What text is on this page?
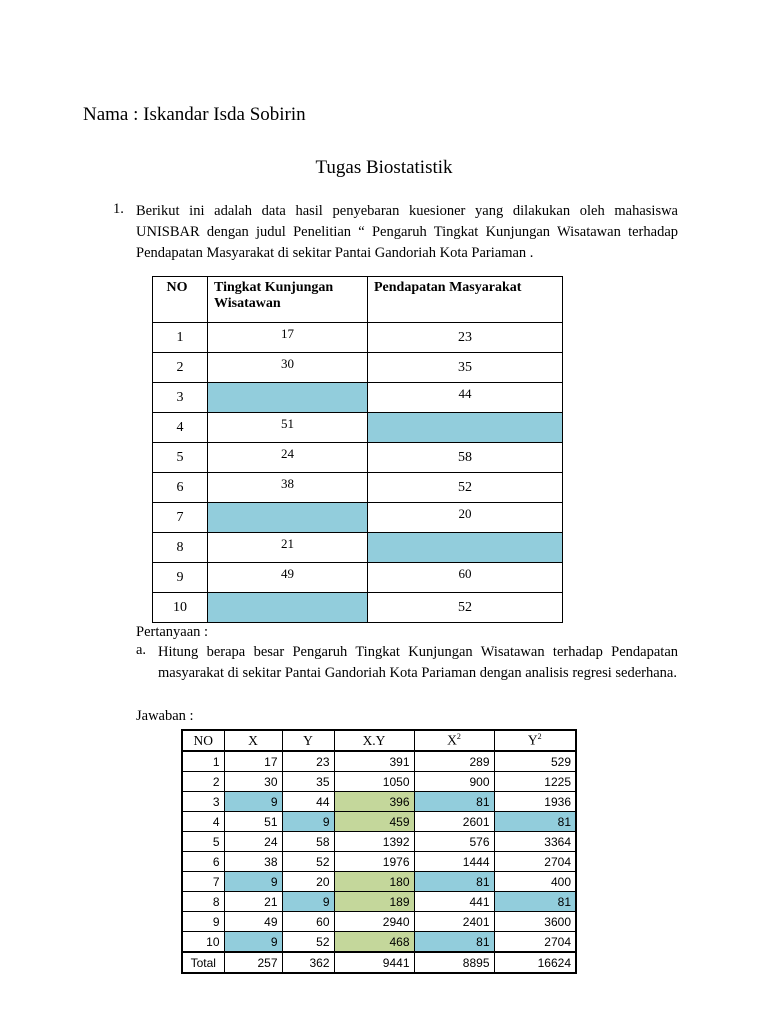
Nama : Iskandar Isda Sobirin
Tugas Biostatistik
1. Berikut ini adalah data hasil penyebaran kuesioner yang dilakukan oleh mahasiswa UNISBAR dengan judul Penelitian “ Pengaruh Tingkat Kunjungan Wisatawan terhadap Pendapatan Masyarakat di sekitar Pantai Gandoriah Kota Pariaman .
NO	Tingkat Kunjungan Wisatawan	Pendapatan Masyarakat
1	17	23
2	30	35
3		44
4	51	
5	24	58
6	38	52
7		20
8	21	
9	49	60
10		52
Pertanyaan :
a. Hitung berapa besar Pengaruh Tingkat Kunjungan Wisatawan terhadap Pendapatan masyarakat di sekitar Pantai Gandoriah Kota Pariaman dengan analisis regresi sederhana.
Jawaban :
NO	X	Y	X.Y	$X^2$	$Y^2$
1	17	23	391	289	529
2	30	35	1050	900	1225
3	9	44	396	81	1936
4	51	9	459	2601	81
5	24	58	1392	576	3364
6	38	52	1976	1444	2704
7	9	20	180	81	400
8	21	9	189	441	81
9	49	60	2940	2401	3600
10	9	52	468	81	2704
Total	257	362	9441	8895	16624
